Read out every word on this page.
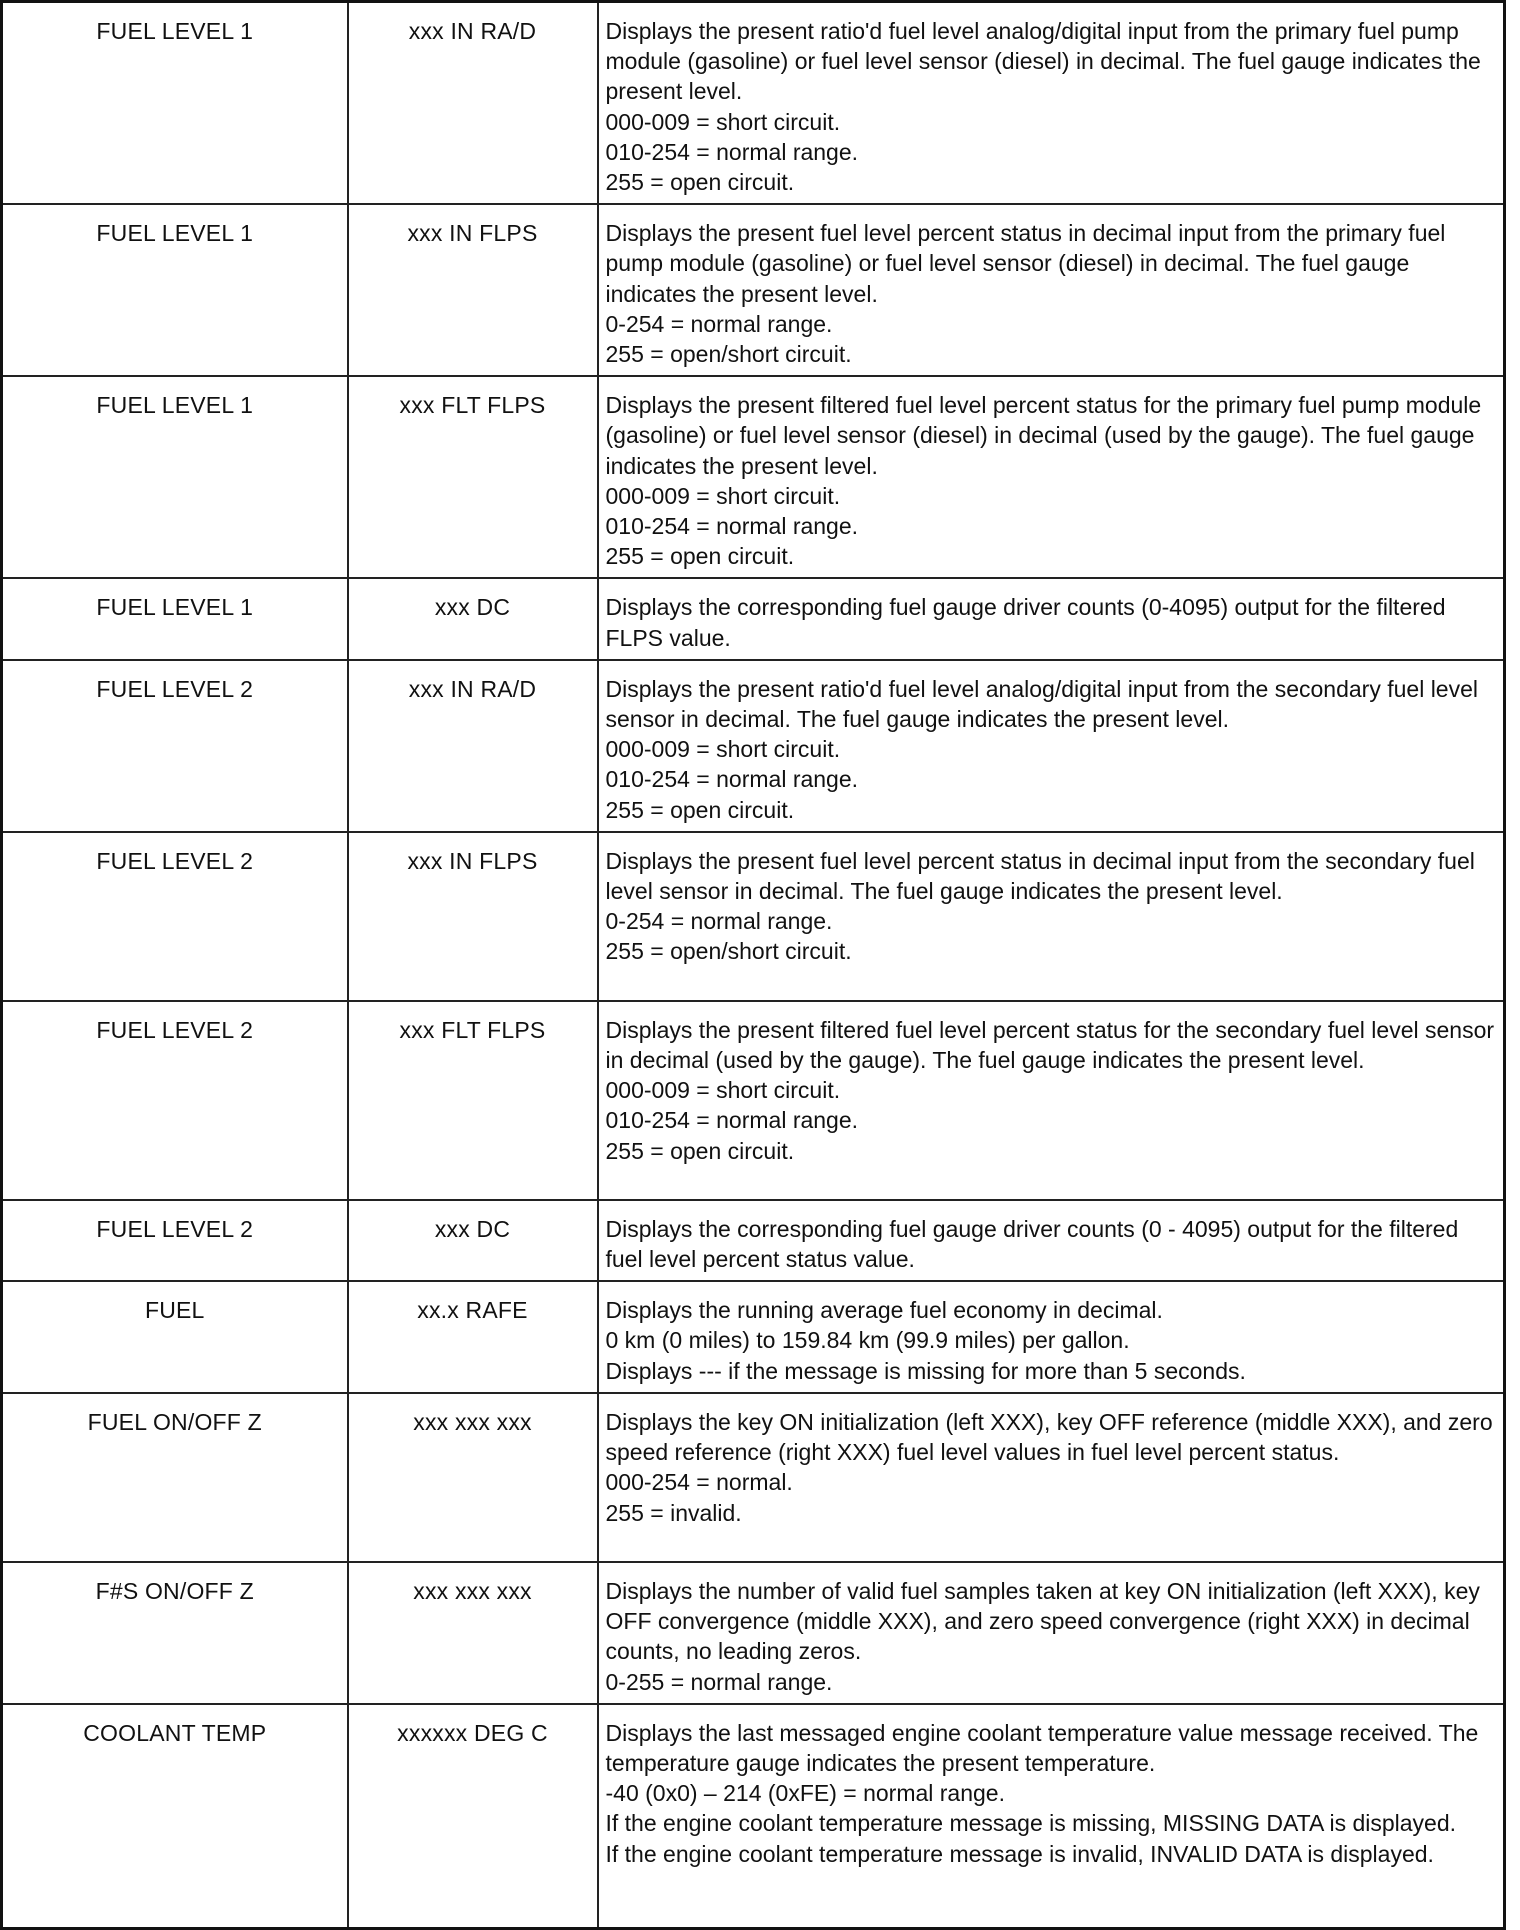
FUEL LEVEL 1	xxx IN RA/D	Displays the present ratio'd fuel level analog/digital input from the primary fuel pump module (gasoline) or fuel level sensor (diesel) in decimal. The fuel gauge indicates the present level.
000-009 = short circuit.
010-254 = normal range.
255 = open circuit.

FUEL LEVEL 1	xxx IN FLPS	Displays the present fuel level percent status in decimal input from the primary fuel pump module (gasoline) or fuel level sensor (diesel) in decimal. The fuel gauge indicates the present level.
0-254 = normal range.
255 = open/short circuit.

FUEL LEVEL 1	xxx FLT FLPS	Displays the present filtered fuel level percent status for the primary fuel pump module (gasoline) or fuel level sensor (diesel) in decimal (used by the gauge). The fuel gauge indicates the present level.
000-009 = short circuit.
010-254 = normal range.
255 = open circuit.

FUEL LEVEL 1	xxx DC	Displays the corresponding fuel gauge driver counts (0-4095) output for the filtered FLPS value.

FUEL LEVEL 2	xxx IN RA/D	Displays the present ratio'd fuel level analog/digital input from the secondary fuel level sensor in decimal. The fuel gauge indicates the present level.
000-009 = short circuit.
010-254 = normal range.
255 = open circuit.

FUEL LEVEL 2	xxx IN FLPS	Displays the present fuel level percent status in decimal input from the secondary fuel level sensor in decimal. The fuel gauge indicates the present level.
0-254 = normal range.
255 = open/short circuit.

FUEL LEVEL 2	xxx FLT FLPS	Displays the present filtered fuel level percent status for the secondary fuel level sensor in decimal (used by the gauge). The fuel gauge indicates the present level.
000-009 = short circuit.
010-254 = normal range.
255 = open circuit.

FUEL LEVEL 2	xxx DC	Displays the corresponding fuel gauge driver counts (0 - 4095) output for the filtered fuel level percent status value.

FUEL	xx.x RAFE	Displays the running average fuel economy in decimal.
0 km (0 miles) to 159.84 km (99.9 miles) per gallon.
Displays --- if the message is missing for more than 5 seconds.

FUEL ON/OFF Z	xxx xxx xxx	Displays the key ON initialization (left XXX), key OFF reference (middle XXX), and zero speed reference (right XXX) fuel level values in fuel level percent status.
000-254 = normal.
255 = invalid.

F#S ON/OFF Z	xxx xxx xxx	Displays the number of valid fuel samples taken at key ON initialization (left XXX), key OFF convergence (middle XXX), and zero speed convergence (right XXX) in decimal counts, no leading zeros.
0-255 = normal range.

COOLANT TEMP	xxxxxx DEG C	Displays the last messaged engine coolant temperature value message received. The temperature gauge indicates the present temperature.
-40 (0x0) – 214 (0xFE) = normal range.
If the engine coolant temperature message is missing, MISSING DATA is displayed.
If the engine coolant temperature message is invalid, INVALID DATA is displayed.
